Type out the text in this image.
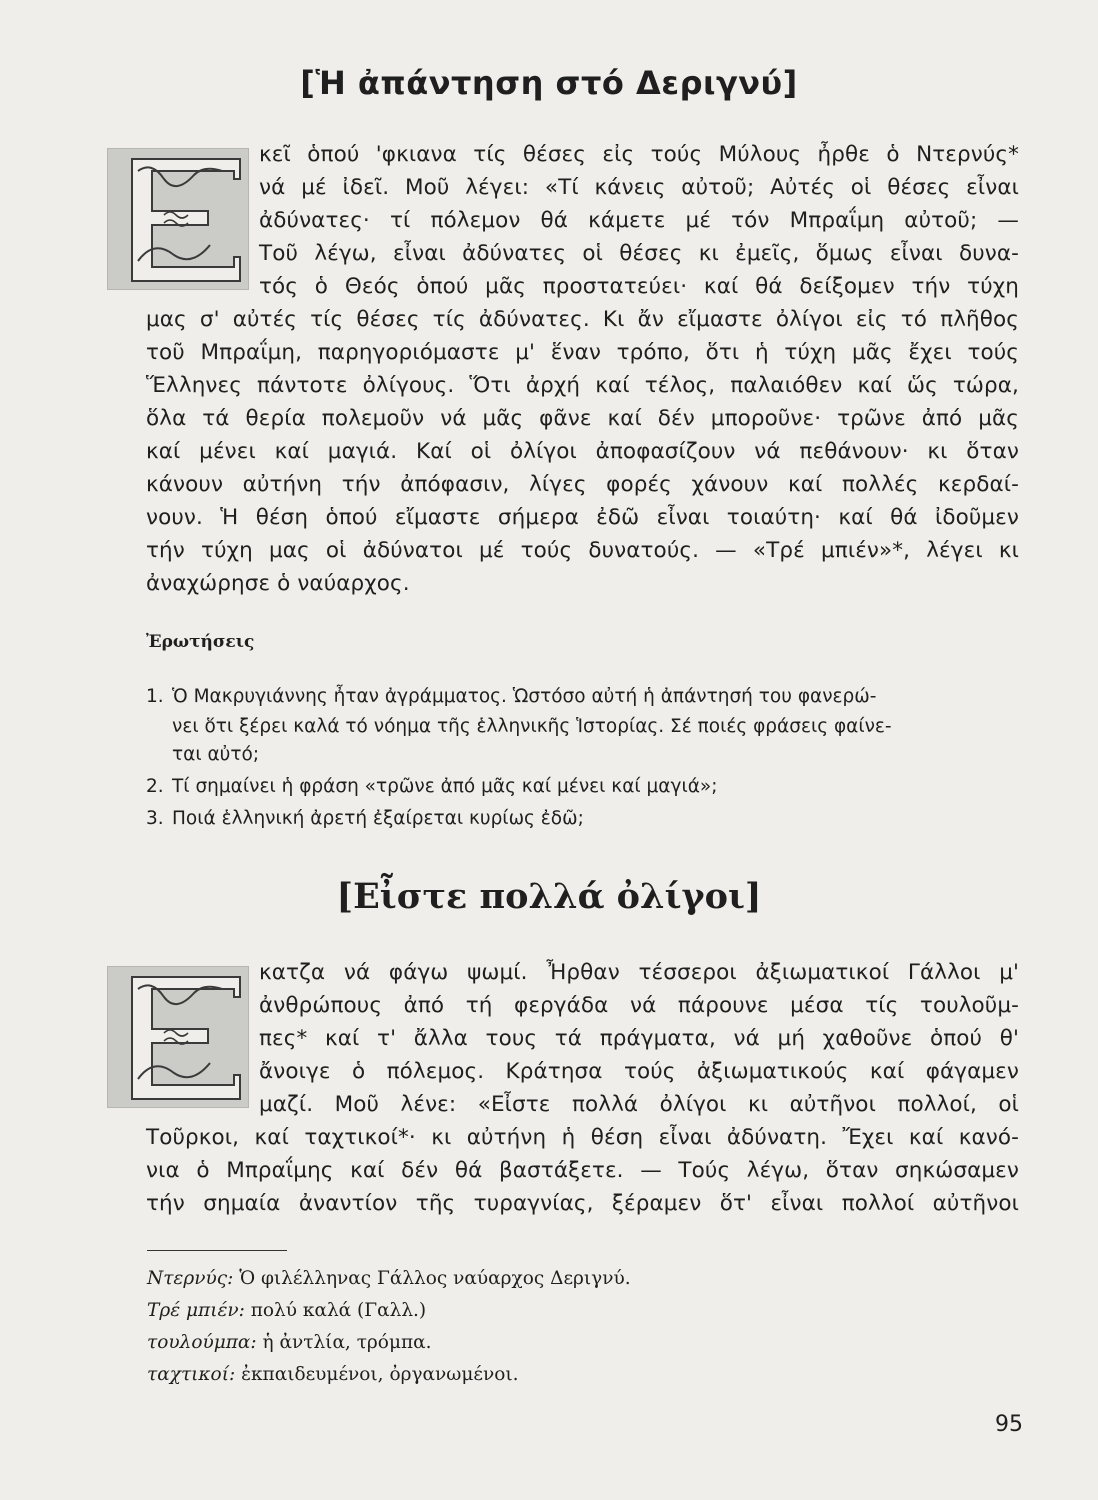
[Ἡ ἀπάντηση στό Δεριγνύ]
κεῖ ὁπού 'φκιανα τίς θέσες εἰς τούς Μύλους ἦρθε ὁ Ντερνύς*
νά μέ ἰδεῖ. Μοῦ λέγει: «Τί κάνεις αὐτοῦ; Αὐτές οἱ θέσες εἶναι
ἀδύνατες· τί πόλεμον θά κάμετε μέ τόν Μπραΐμη αὐτοῦ; —
Τοῦ λέγω, εἶναι ἀδύνατες οἱ θέσες κι ἐμεῖς, ὅμως εἶναι δυνα-
τός ὁ Θεός ὁπού μᾶς προστατεύει· καί θά δείξομεν τήν τύχη
μας σ' αὐτές τίς θέσες τίς ἀδύνατες. Κι ἄν εἴμαστε ὀλίγοι εἰς τό πλῆθος
τοῦ Μπραΐμη, παρηγοριόμαστε μ' ἕναν τρόπο, ὅτι ἡ τύχη μᾶς ἔχει τούς
Ἕλληνες πάντοτε ὀλίγους. Ὅτι ἀρχή καί τέλος, παλαιόθεν καί ὥς τώρα,
ὅλα τά θερία πολεμοῦν νά μᾶς φᾶνε καί δέν μποροῦνε· τρῶνε ἀπό μᾶς
καί μένει καί μαγιά. Καί οἱ ὀλίγοι ἀποφασίζουν νά πεθάνουν· κι ὅταν
κάνουν αὐτήνη τήν ἀπόφασιν, λίγες φορές χάνουν καί πολλές κερδαί-
νουν. Ἡ θέση ὁπού εἴμαστε σήμερα ἐδῶ εἶναι τοιαύτη· καί θά ἰδοῦμεν
τήν τύχη μας οἱ ἀδύνατοι μέ τούς δυνατούς. — «Τρέ μπιέν»*, λέγει κι
ἀναχώρησε ὁ ναύαρχος.
Ἐρωτήσεις
1. Ὁ Μακρυγιάννης ἦταν ἀγράμματος. Ὡστόσο αὐτή ἡ ἀπάντησή του φανερώ-
νει ὅτι ξέρει καλά τό νόημα τῆς ἑλληνικῆς Ἱστορίας. Σέ ποιές φράσεις φαίνε-
ται αὐτό;
2. Τί σημαίνει ἡ φράση «τρῶνε ἀπό μᾶς καί μένει καί μαγιά»;
3. Ποιά ἑλληνική ἀρετή ἐξαίρεται κυρίως ἐδῶ;
[Εἶστε πολλά ὀλίγοι]
κατζα νά φάγω ψωμί. Ἦρθαν τέσσεροι ἀξιωματικοί Γάλλοι μ'
ἀνθρώπους ἀπό τή φεργάδα νά πάρουνε μέσα τίς τουλοῦμ-
πες* καί τ' ἄλλα τους τά πράγματα, νά μή χαθοῦνε ὁπού θ'
ἄνοιγε ὁ πόλεμος. Κράτησα τούς ἀξιωματικούς καί φάγαμεν
μαζί. Μοῦ λένε: «Εἶστε πολλά ὀλίγοι κι αὐτῆνοι πολλοί, οἱ
Τοῦρκοι, καί ταχτικοί*· κι αὐτήνη ἡ θέση εἶναι ἀδύνατη. Ἔχει καί κανό-
νια ὁ Μπραΐμης καί δέν θά βαστάξετε. — Τούς λέγω, ὅταν σηκώσαμεν
τήν σημαία ἀναντίον τῆς τυραγνίας, ξέραμεν ὅτ' εἶναι πολλοί αὐτῆνοι
Ντερνύς: Ὁ φιλέλληνας Γάλλος ναύαρχος Δεριγνύ.
Τρέ μπιέν: πολύ καλά (Γαλλ.)
τουλούμπα: ἡ ἀντλία, τρόμπα.
ταχτικοί: ἐκπαιδευμένοι, ὀργανωμένοι.
95
